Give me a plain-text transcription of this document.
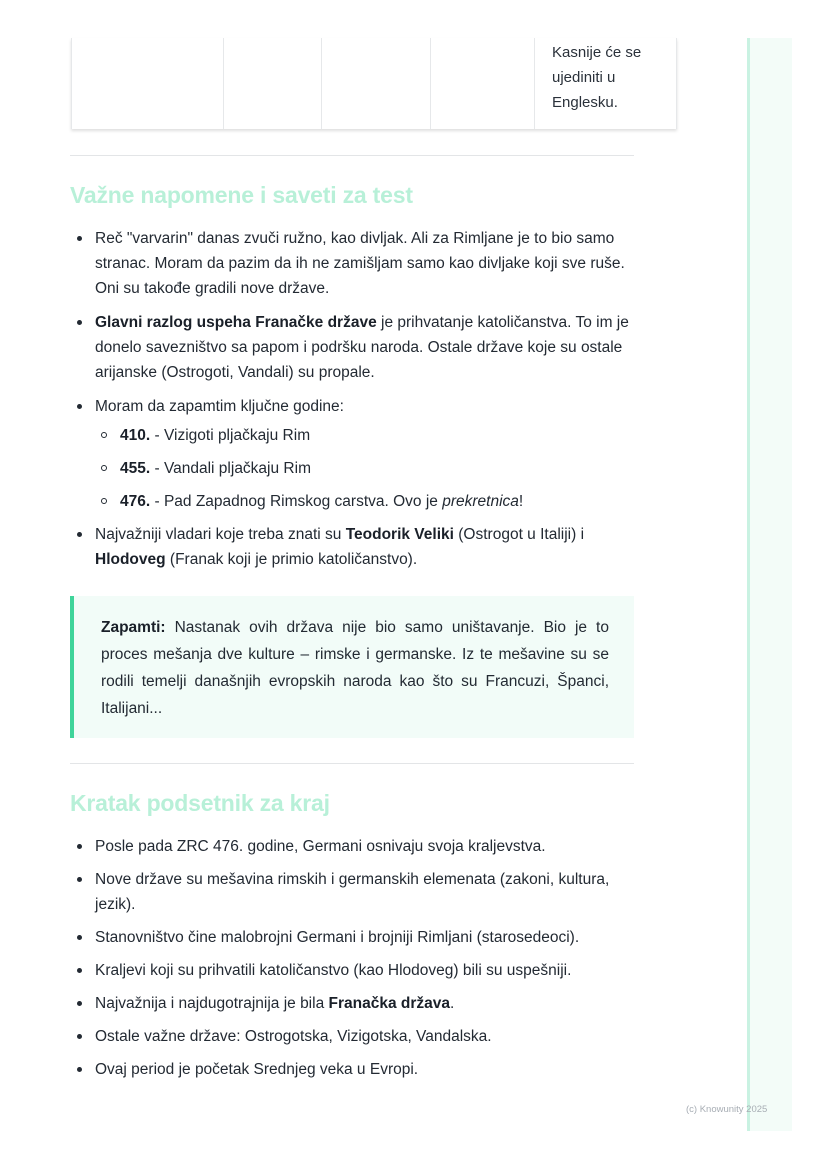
Kasnije će se ujediniti u Englesku.
Važne napomene i saveti za test
Reč "varvarin" danas zvuči ružno, kao divljak. Ali za Rimljane je to bio samo stranac. Moram da pazim da ih ne zamišljam samo kao divljake koji sve ruše. Oni su takođe gradili nove države.
Glavni razlog uspeha Franačke države je prihvatanje katoličanstva. To im je donelo savezništvo sa papom i podršku naroda. Ostale države koje su ostale arijanske (Ostrogoti, Vandali) su propale.
Moram da zapamtim ključne godine:
410. - Vizigoti pljačkaju Rim
455. - Vandali pljačkaju Rim
476. - Pad Zapadnog Rimskog carstva. Ovo je prekretnica!
Najvažniji vladari koje treba znati su Teodorik Veliki (Ostrogot u Italiji) i Hlodoveg (Franak koji je primio katoličanstvo).
Zapamti: Nastanak ovih država nije bio samo uništavanje. Bio je to proces mešanja dve kulture – rimske i germanske. Iz te mešavine su se rodili temelji današnjih evropskih naroda kao što su Francuzi, Španci, Italijani...
Kratak podsetnik za kraj
Posle pada ZRC 476. godine, Germani osnivaju svoja kraljevstva.
Nove države su mešavina rimskih i germanskih elemenata (zakoni, kultura, jezik).
Stanovništvo čine malobrojni Germani i brojniji Rimljani (starosedeoci).
Kraljevi koji su prihvatili katoličanstvo (kao Hlodoveg) bili su uspešniji.
Najvažnija i najdugotrajnija je bila Franačka država.
Ostale važne države: Ostrogotska, Vizigotska, Vandalska.
Ovaj period je početak Srednjeg veka u Evropi.
(c) Knowunity 2025
